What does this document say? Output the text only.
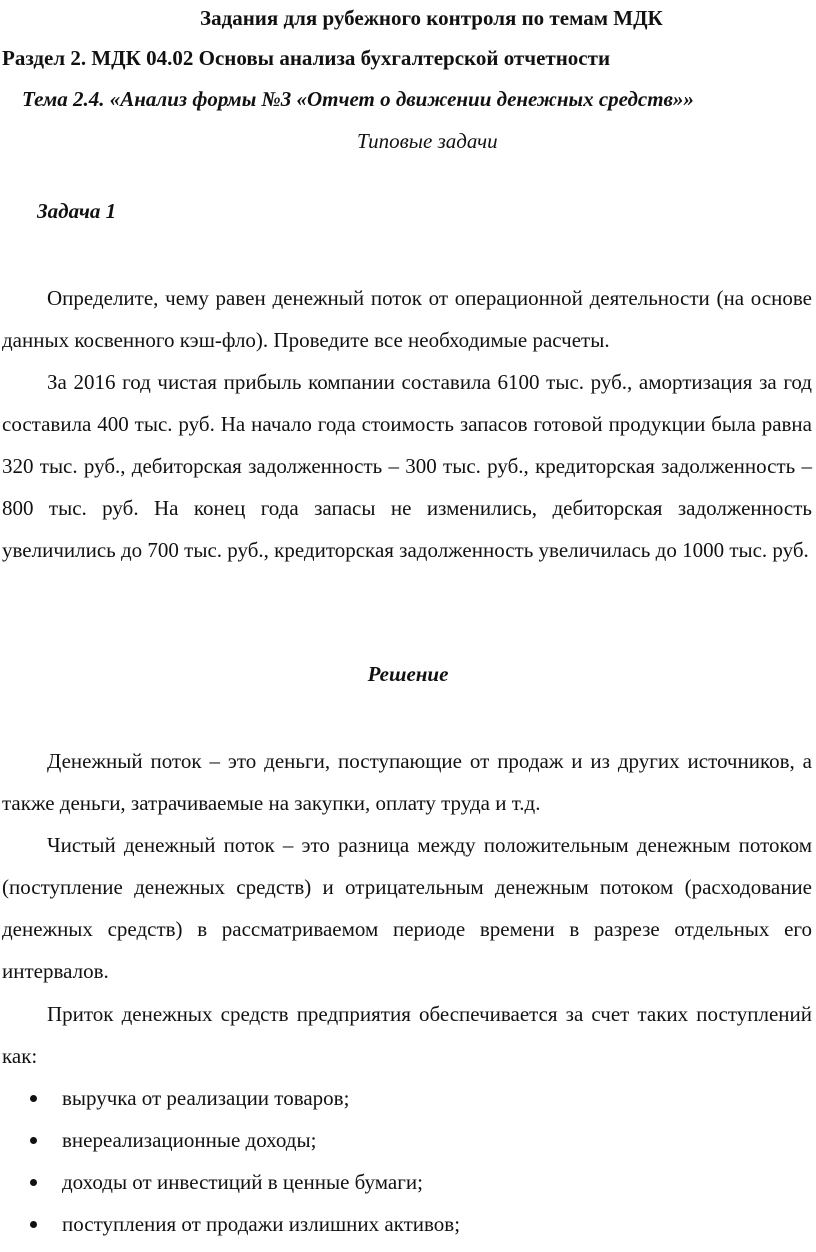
Задания для рубежного контроля по темам МДК

Раздел 2. МДК 04.02 Основы анализа бухгалтерской отчетности

Тема 2.4. «Анализ формы №3 «Отчет о движении денежных средств»»

Типовые задачи

Задача 1

Определите, чему равен денежный поток от операционной деятельности (на основе данных косвенного кэш-фло). Проведите все необходимые расчеты.

За 2016 год чистая прибыль компании составила 6100 тыс. руб., амортизация за год составила 400 тыс. руб. На начало года стоимость запасов готовой продукции была равна 320 тыс. руб., дебиторская задолженность – 300 тыс. руб., кредиторская задолженность – 800 тыс. руб. На конец года запасы не изменились, дебиторская задолженность увеличились до 700 тыс. руб., кредиторская задолженность увеличилась до 1000 тыс. руб.

Решение

Денежный поток – это деньги, поступающие от продаж и из других источников, а также деньги, затрачиваемые на закупки, оплату труда и т.д.

Чистый денежный поток – это разница между положительным денежным потоком (поступление денежных средств) и отрицательным денежным потоком (расходование денежных средств) в рассматриваемом периоде времени в разрезе отдельных его интервалов.

Приток денежных средств предприятия обеспечивается за счет таких поступлений как:

выручка от реализации товаров;
внереализационные доходы;
доходы от инвестиций в ценные бумаги;
поступления от продажи излишних активов;
